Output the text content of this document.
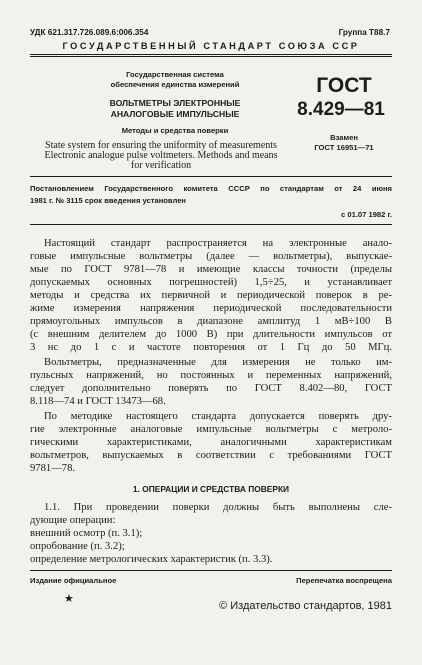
УДК 621.317.726.089.6:006.354	Группа Т88.7
ГОСУДАРСТВЕННЫЙ СТАНДАРТ СОЮЗА ССР
Государственная система
обеспечения единства измерений
ВОЛЬТМЕТРЫ ЭЛЕКТРОННЫЕ
АНАЛОГОВЫЕ ИМПУЛЬСНЫЕ
Методы и средства поверки
State system for ensuring the uniformity of measurements
Electronic analogue pulse voltmeters. Methods and means
for verification
ГОСТ
8.429—81
Взамен
ГОСТ 16951—71
Постановлением Государственного комитета СССР по стандартам от 24 июня
1981 г. № 3115 срок введения установлен
с 01.07 1982 г.
Настоящий стандарт распространяется на электронные анало-
говые импульсные вольтметры (далее — вольтметры), выпускае-
мые по ГОСТ 9781—78 и имеющие классы точности (пределы
допускаемых основных погрешностей) 1,5÷25, и устанавливает
методы и средства их первичной и периодической поверок в ре-
жиме измерения напряжения периодической последовательности
прямоугольных импульсов в диапазоне амплитуд 1 мВ÷100 В
(с внешним делителем до 1000 В) при длительности импульсов от
3 нс до 1 с и частоте повторения от 1 Гц до 50 МГц.
Вольтметры, предназначенные для измерения не только им-
пульсных напряжений, но постоянных и переменных напряжений,
следует дополнительно поверять по ГОСТ 8.402—80, ГОСТ
8.118—74 и ГОСТ 13473—68.
По методике настоящего стандарта допускается поверять дру-
гие электронные аналоговые импульсные вольтметры с метроло-
гическими характеристиками, аналогичными характеристикам
вольтметров, выпускаемых в соответствии с требованиями ГОСТ
9781—78.
1. ОПЕРАЦИИ И СРЕДСТВА ПОВЕРКИ
1.1. При проведении поверки должны быть выполнены сле-
дующие операции:
внешний осмотр (п. 3.1);
опробование (п. 3.2);
определение метрологических характеристик (п. 3.3).
Издание официальное	Перепечатка воспрещена
★
© Издательство стандартов, 1981
